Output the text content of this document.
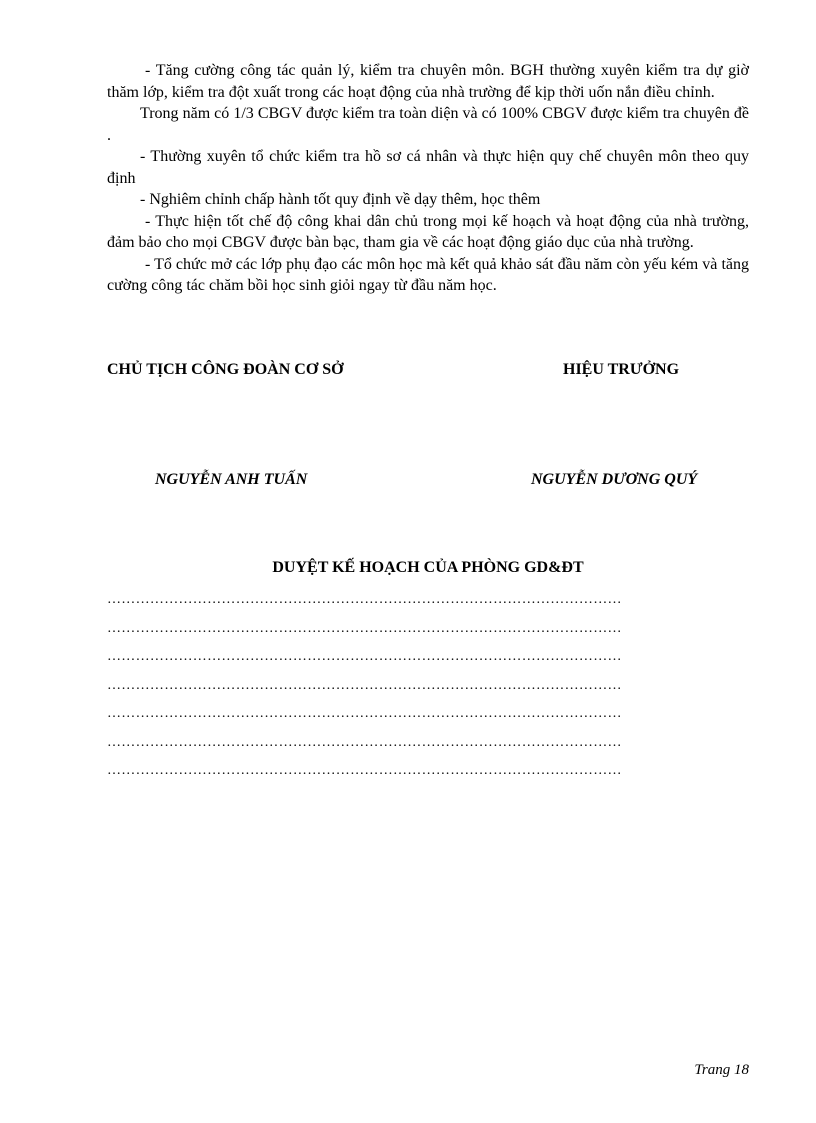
- Tăng cường công tác quản lý, kiểm tra chuyên môn. BGH thường xuyên kiểm tra dự giờ thăm lớp, kiểm tra đột xuất trong các hoạt động của nhà trường để kịp thời uốn nắn điều chỉnh.

Trong năm có 1/3 CBGV được kiểm tra toàn diện và có 100% CBGV được kiểm tra chuyên đề .

- Thường xuyên tổ chức kiểm tra hồ sơ cá nhân và thực hiện quy chế chuyên môn theo quy định

- Nghiêm chỉnh chấp hành tốt quy định về dạy thêm, học thêm

- Thực hiện tốt chế độ công khai dân chủ trong mọi kế hoạch và hoạt động của nhà trường, đảm bảo cho mọi CBGV được bàn bạc, tham gia về các hoạt động giáo dục của nhà trường.

- Tổ chức mở các lớp phụ đạo các môn học mà kết quả khảo sát đầu năm còn yếu kém và tăng cường công tác chăm bồi học sinh giỏi ngay từ đầu năm học.

CHỦ TỊCH CÔNG ĐOÀN CƠ SỞ	HIỆU TRƯỞNG
NGUYỄN ANH TUẤN	NGUYỄN DƯƠNG QUÝ
DUYỆT KẾ HOẠCH CỦA PHÒNG GD&ĐT
………………………………………………………………………………………………
………………………………………………………………………………………………
………………………………………………………………………………………………
………………………………………………………………………………………………
………………………………………………………………………………………………
………………………………………………………………………………………………
………………………………………………………………………………………………
Trang 18
